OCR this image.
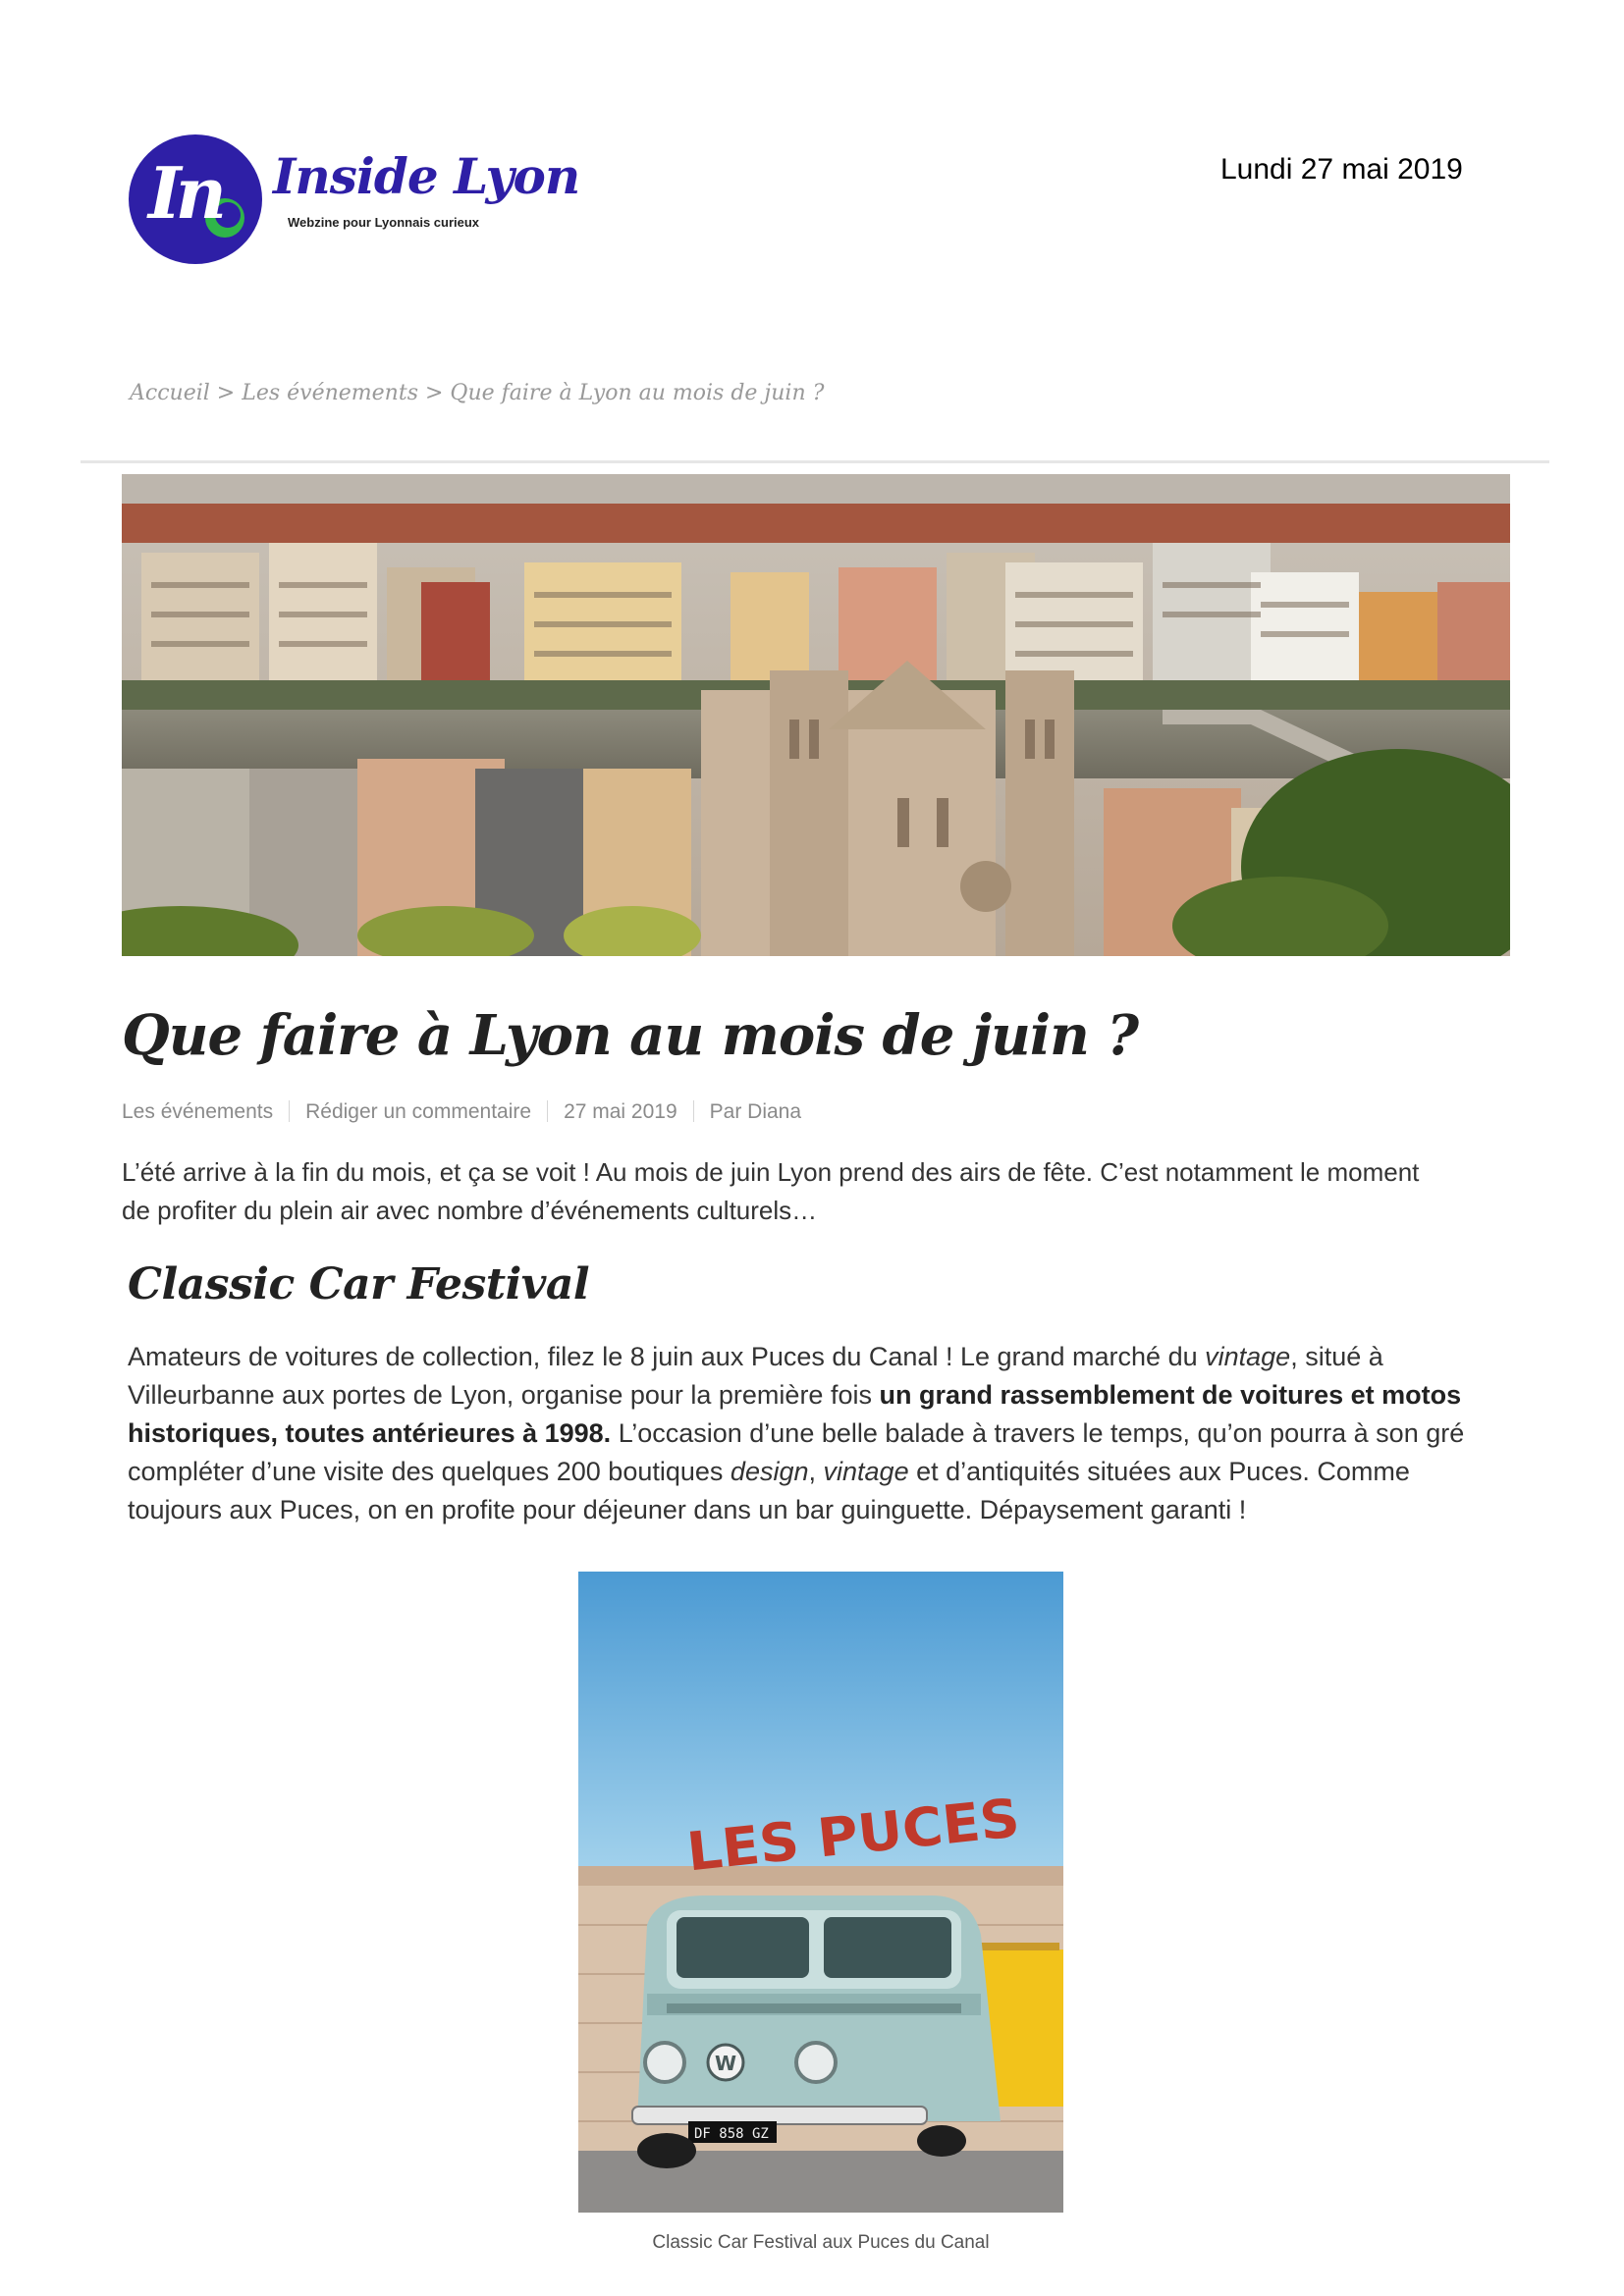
In	Inside Lyon
Webzine pour Lyonnais curieux
Lundi 27 mai 2019
Accueil > Les événements > Que faire à Lyon au mois de juin ?
Que faire à Lyon au mois de juin ?
Les événements Rédiger un commentaire 27 mai 2019 Par Diana

L’été arrive à la fin du mois, et ça se voit ! Au mois de juin Lyon prend des airs de fête. C’est notamment le moment

de profiter du plein air avec nombre d’événements culturels…

Classic Car Festival

Amateurs de voitures de collection, filez le 8 juin aux Puces du Canal ! Le grand marché du vintage, situé à

Villeurbanne aux portes de Lyon, organise pour la première fois un grand rassemblement de voitures et motos

historiques, toutes antérieures à 1998. L’occasion d’une belle balade à travers le temps, qu’on pourra à son gré

compléter d’une visite des quelques 200 boutiques design, vintage et d’antiquités situées aux Puces. Comme

toujours aux Puces, on en profite pour déjeuner dans un bar guinguette. Dépaysement garanti !

LES PUCES
W
DF 858 GZ
Classic Car Festival aux Puces du Canal
